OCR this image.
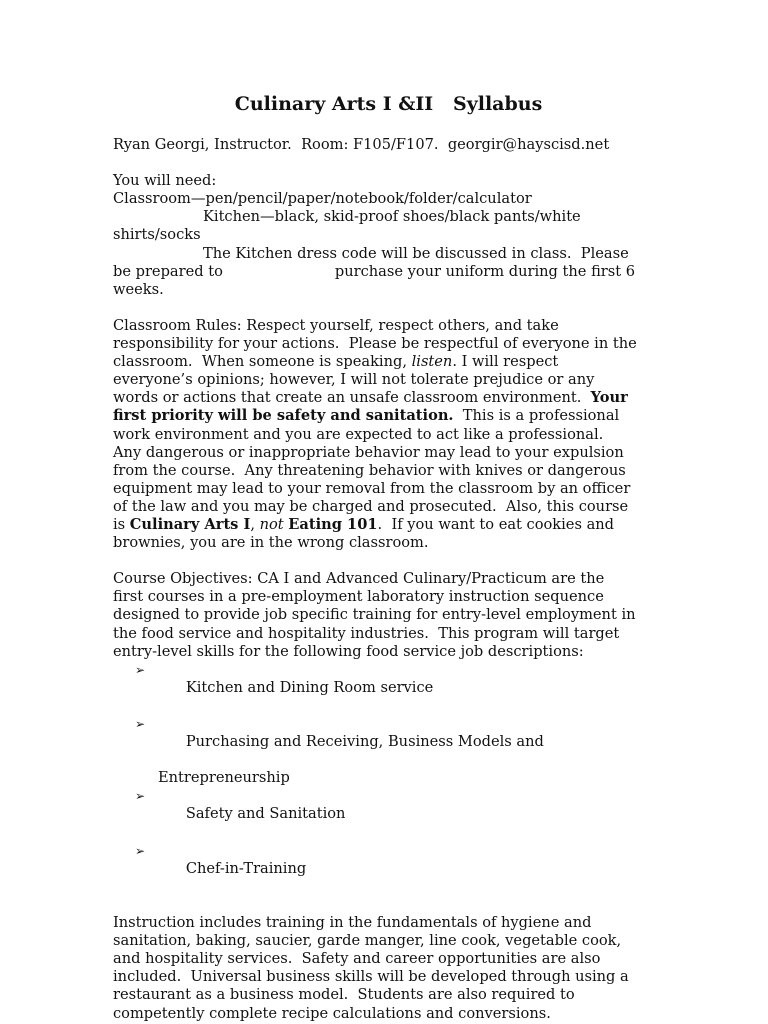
Culinary Arts I &II   Syllabus
Ryan Georgi, Instructor.  Room: F105/F107.  georgir@hayscisd.net
You will need:
Classroom—pen/pencil/paper/notebook/folder/calculator
Kitchen—black, skid-proof shoes/black pants/white
shirts/socks
The Kitchen dress code will be discussed in class.  Please
be prepared to	purchase your uniform during the first 6
weeks.
Classroom Rules: Respect yourself, respect others, and take
responsibility for your actions.  Please be respectful of everyone in the
classroom.  When someone is speaking, listen. I will respect
everyone’s opinions; however, I will not tolerate prejudice or any
words or actions that create an unsafe classroom environment.  Your
first priority will be safety and sanitation.  This is a professional
work environment and you are expected to act like a professional.
Any dangerous or inappropriate behavior may lead to your expulsion
from the course.  Any threatening behavior with knives or dangerous
equipment may lead to your removal from the classroom by an officer
of the law and you may be charged and prosecuted.  Also, this course
is Culinary Arts I, not Eating 101.  If you want to eat cookies and
brownies, you are in the wrong classroom.
Course Objectives: CA I and Advanced Culinary/Practicum are the
first courses in a pre-employment laboratory instruction sequence
designed to provide job specific training for entry-level employment in
the food service and hospitality industries.  This program will target
entry-level skills for the following food service job descriptions:

➢
Kitchen and Dining Room service

➢
Purchasing and Receiving, Business Models and

Entrepreneurship

➢
Safety and Sanitation

➢
Chef-in-Training

Instruction includes training in the fundamentals of hygiene and
sanitation, baking, saucier, garde manger, line cook, vegetable cook,
and hospitality services.  Safety and career opportunities are also
included.  Universal business skills will be developed through using a
restaurant as a business model.  Students are also required to
competently complete recipe calculations and conversions.
